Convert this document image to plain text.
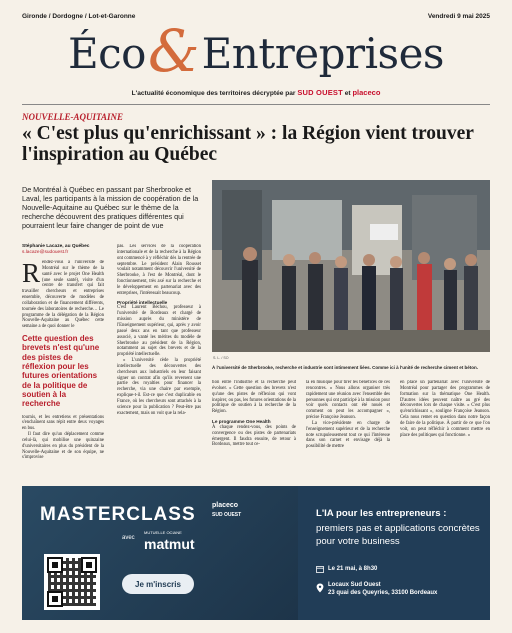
Gironde / Dordogne / Lot-et-Garonne	Vendredi 9 mai 2025
Éco&Entreprises
L'actualité économique des territoires décryptée par SUD OUEST et placeco
NOUVELLE-AQUITAINE
« C'est plus qu'enrichissant » : la Région vient trouver l'inspiration au Québec
De Montréal à Québec en passant par Sherbrooke et Laval, les participants à la mission de coopération de la Nouvelle-Aquitaine au Québec sur le thème de la recherche découvrent des pratiques différentes qui pourraient leur faire changer de point de vue
Stéphanie Lacaze, au Québec
s.lacaze@sudouest.fr
R endez-vous à l'université de Montréal sur le thème de la santé avec le projet One Health (une seule santé), visite d'un centre de transfert qui fait travailler chercheurs et entreprises ensemble, découverte de modèles de collaboration et de financement différents, tournée des laboratoires de recherche… Le programme de la délégation de la Région Nouvelle-Aquitaine au Québec cette semaine a de quoi donner le

Cette question des brevets n'est qu'une des pistes de réflexion pour les futures orientations de la politique de soutien à la recherche

tournis, et les entretiens et présentations s'enchaînent sans répit entre deux voyages en bus.

Il faut dire qu'un déplacement comme celui-là, qui mobilise une quinzaine d'universitaires en plus du président de la Nouvelle-Aquitaine et de son équipe, ne s'improvise

pas. Les services de la coopération internationale et de la recherche à la Région ont commencé à y réfléchir dès la rentrée de septembre. Le président Alain Rousset voulait notamment découvrir l'université de Sherbrooke, à l'est de Montréal, dont le fonctionnement, très axé sur la recherche et le développement en partenariat avec des entreprises, l'intéressait beaucoup.

Propriété intellectuelle

C'est Laurent Béchou, professeur à l'université de Bordeaux et chargé de mission auprès du ministère de l'Enseignement supérieur, qui, après y avoir passé deux ans en tant que professeur associé, a vanté les mérites du modèle de Sherbrooke au président de la Région, notamment au sujet des brevets et de la propriété intellectuelle.

« L'université cède la propriété intellectuelle des découvertes des chercheurs aux industriels en leur faisant signer un contrat afin qu'ils reversent une partie des royalties pour financer la recherche, via une chaire par exemple, explique-t-il. Est-ce que c'est duplicable en France, où les chercheurs sont attachés à la science pour la publication ? Peut-être pas exactement, mais on voit que la rela-

S. L. / SO
À l'université de Sherbrooke, recherche et industrie sont intimement liées. Comme ici à l'unité de recherche ciment et béton.

tion entre l'industrie et la recherche peut évoluer. » Cette question des brevets n'est qu'une des pistes de réflexion qui vont inspirer, ou pas, les futures orientations de la politique de soutien à la recherche de la Région.

Le programme One Health

À chaque rendez-vous, des points de convergence ou des pistes de partenariats émergent. Il faudra ensuite, de retour à Bordeaux, mettre tout ce-

la en musique pour tirer les bénéfices de ces rencontres. « Nous allons organiser très rapidement une réunion avec l'ensemble des personnes qui ont participé à la mission pour voir quels contacts ont été noués et comment on peut les accompagner », précise Françoise Jeanson.

La vice-présidente en charge de l'enseignement supérieur et de la recherche note scrupuleusement tout ce qui l'intéresse dans son carnet et envisage déjà la possibilité de mettre

en place un partenariat avec l'université de Montréal pour partager des programmes de formation sur la thématique One Health. D'autres idées peuvent naître au gré des découvertes lors de chaque visite. « C'est plus qu'enrichissant », souligne Françoise Jeanson. Cela nous remet en question dans notre façon de faire de la politique. À partir de ce que l'on voit, on peut réfléchir à comment mettre en place des politiques qui fonctionne. »

MASTERCLASS placeco
SUD OUEST
avec
MUTUELLE OCIANE
matmut
Je m'inscris
L'IA pour les entrepreneurs :
premiers pas et applications concrètes pour votre business
Le 21 mai, à 8h30
Locaux Sud Ouest
23 quai des Queyries, 33100 Bordeaux
